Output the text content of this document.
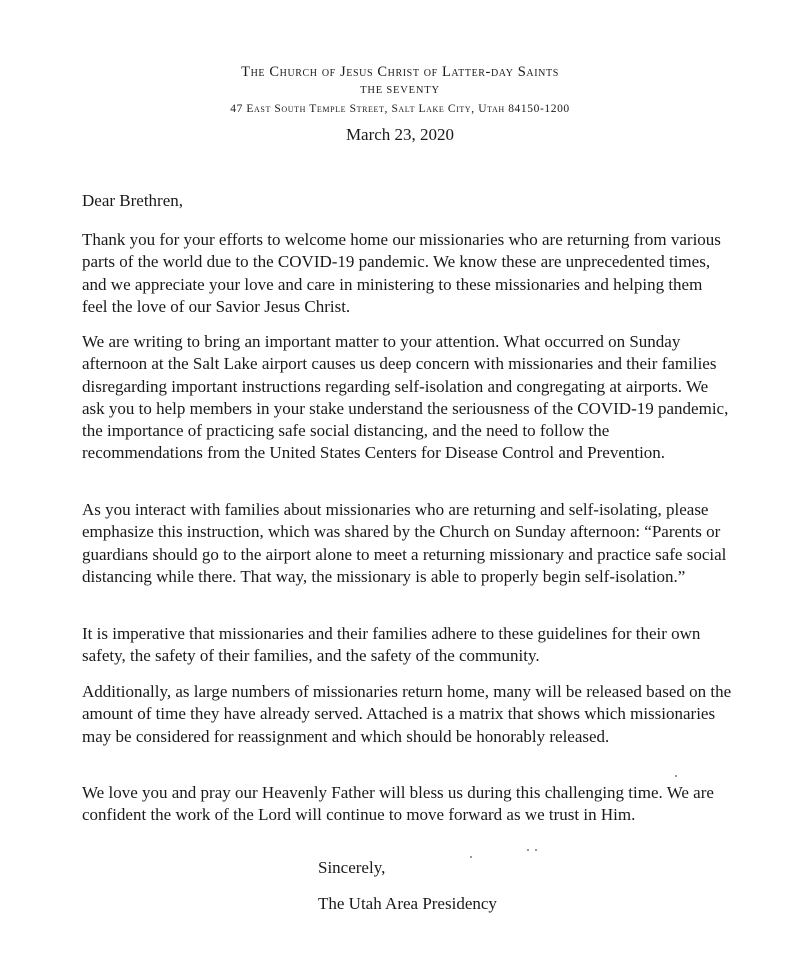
The Church of Jesus Christ of Latter-day Saints
THE SEVENTY
47 East South Temple Street, Salt Lake City, Utah 84150-1200
March 23, 2020

Dear Brethren,

Thank you for your efforts to welcome home our missionaries who are returning from various parts of the world due to the COVID-19 pandemic. We know these are unprecedented times, and we appreciate your love and care in ministering to these missionaries and helping them feel the love of our Savior Jesus Christ.

We are writing to bring an important matter to your attention. What occurred on Sunday afternoon at the Salt Lake airport causes us deep concern with missionaries and their families disregarding important instructions regarding self-isolation and congregating at airports. We ask you to help members in your stake understand the seriousness of the COVID-19 pandemic, the importance of practicing safe social distancing, and the need to follow the recommendations from the United States Centers for Disease Control and Prevention.

As you interact with families about missionaries who are returning and self-isolating, please emphasize this instruction, which was shared by the Church on Sunday afternoon: “Parents or guardians should go to the airport alone to meet a returning missionary and practice safe social distancing while there. That way, the missionary is able to properly begin self-isolation.”

It is imperative that missionaries and their families adhere to these guidelines for their own safety, the safety of their families, and the safety of the community.

Additionally, as large numbers of missionaries return home, many will be released based on the amount of time they have already served. Attached is a matrix that shows which missionaries may be considered for reassignment and which should be honorably released.

We love you and pray our Heavenly Father will bless us during this challenging time. We are confident the work of the Lord will continue to move forward as we trust in Him.

Sincerely,
The Utah Area Presidency
